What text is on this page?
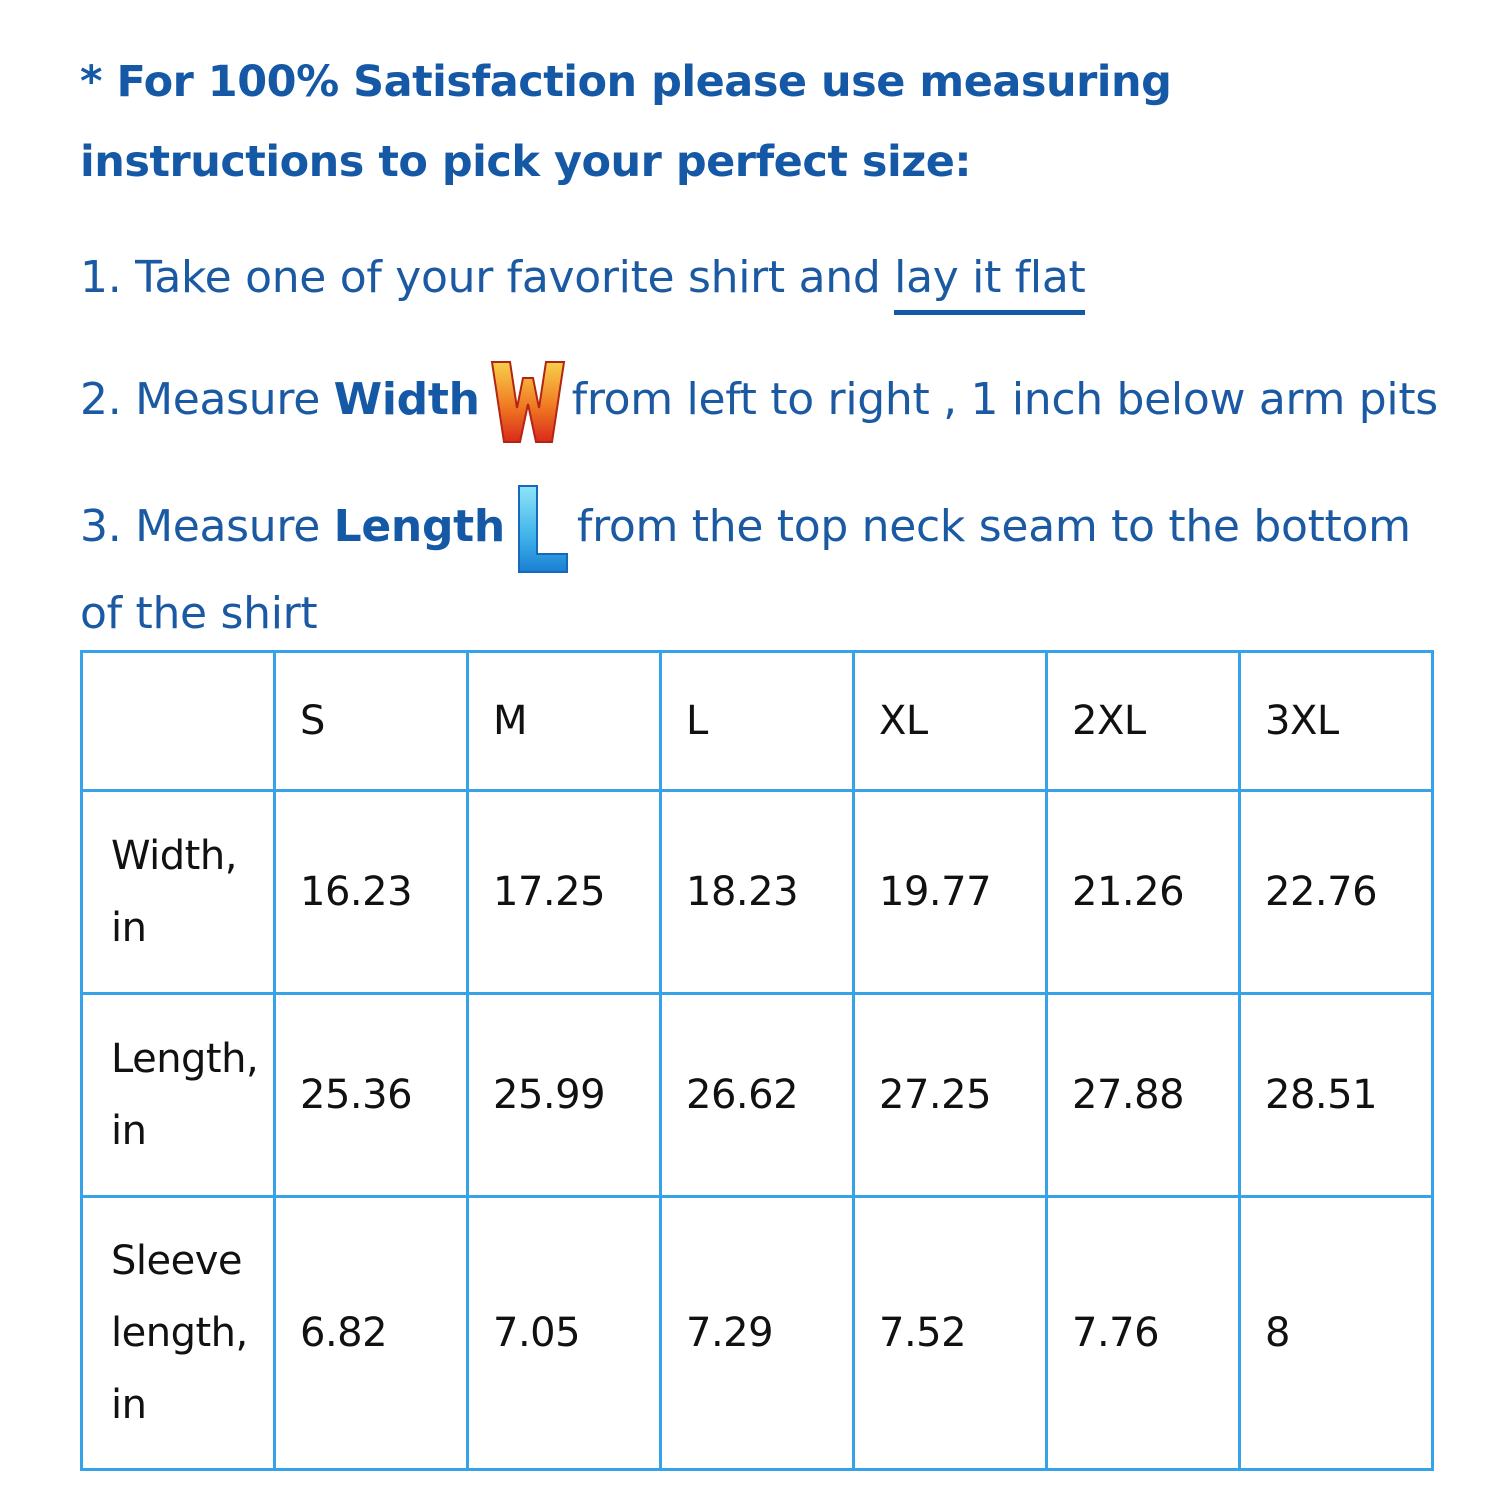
* For 100% Satisfaction please use measuring instructions to pick your perfect size:
1. Take one of your favorite shirt and lay it flat
2. Measure Width from left to right , 1 inch below arm pits
3. Measure Length from the top neck seam to the bottom of the shirt
	S	M	L	XL	2XL	3XL
Width, in	16.23	17.25	18.23	19.77	21.26	22.76
Length, in	25.36	25.99	26.62	27.25	27.88	28.51
Sleeve length, in	6.82	7.05	7.29	7.52	7.76	8
